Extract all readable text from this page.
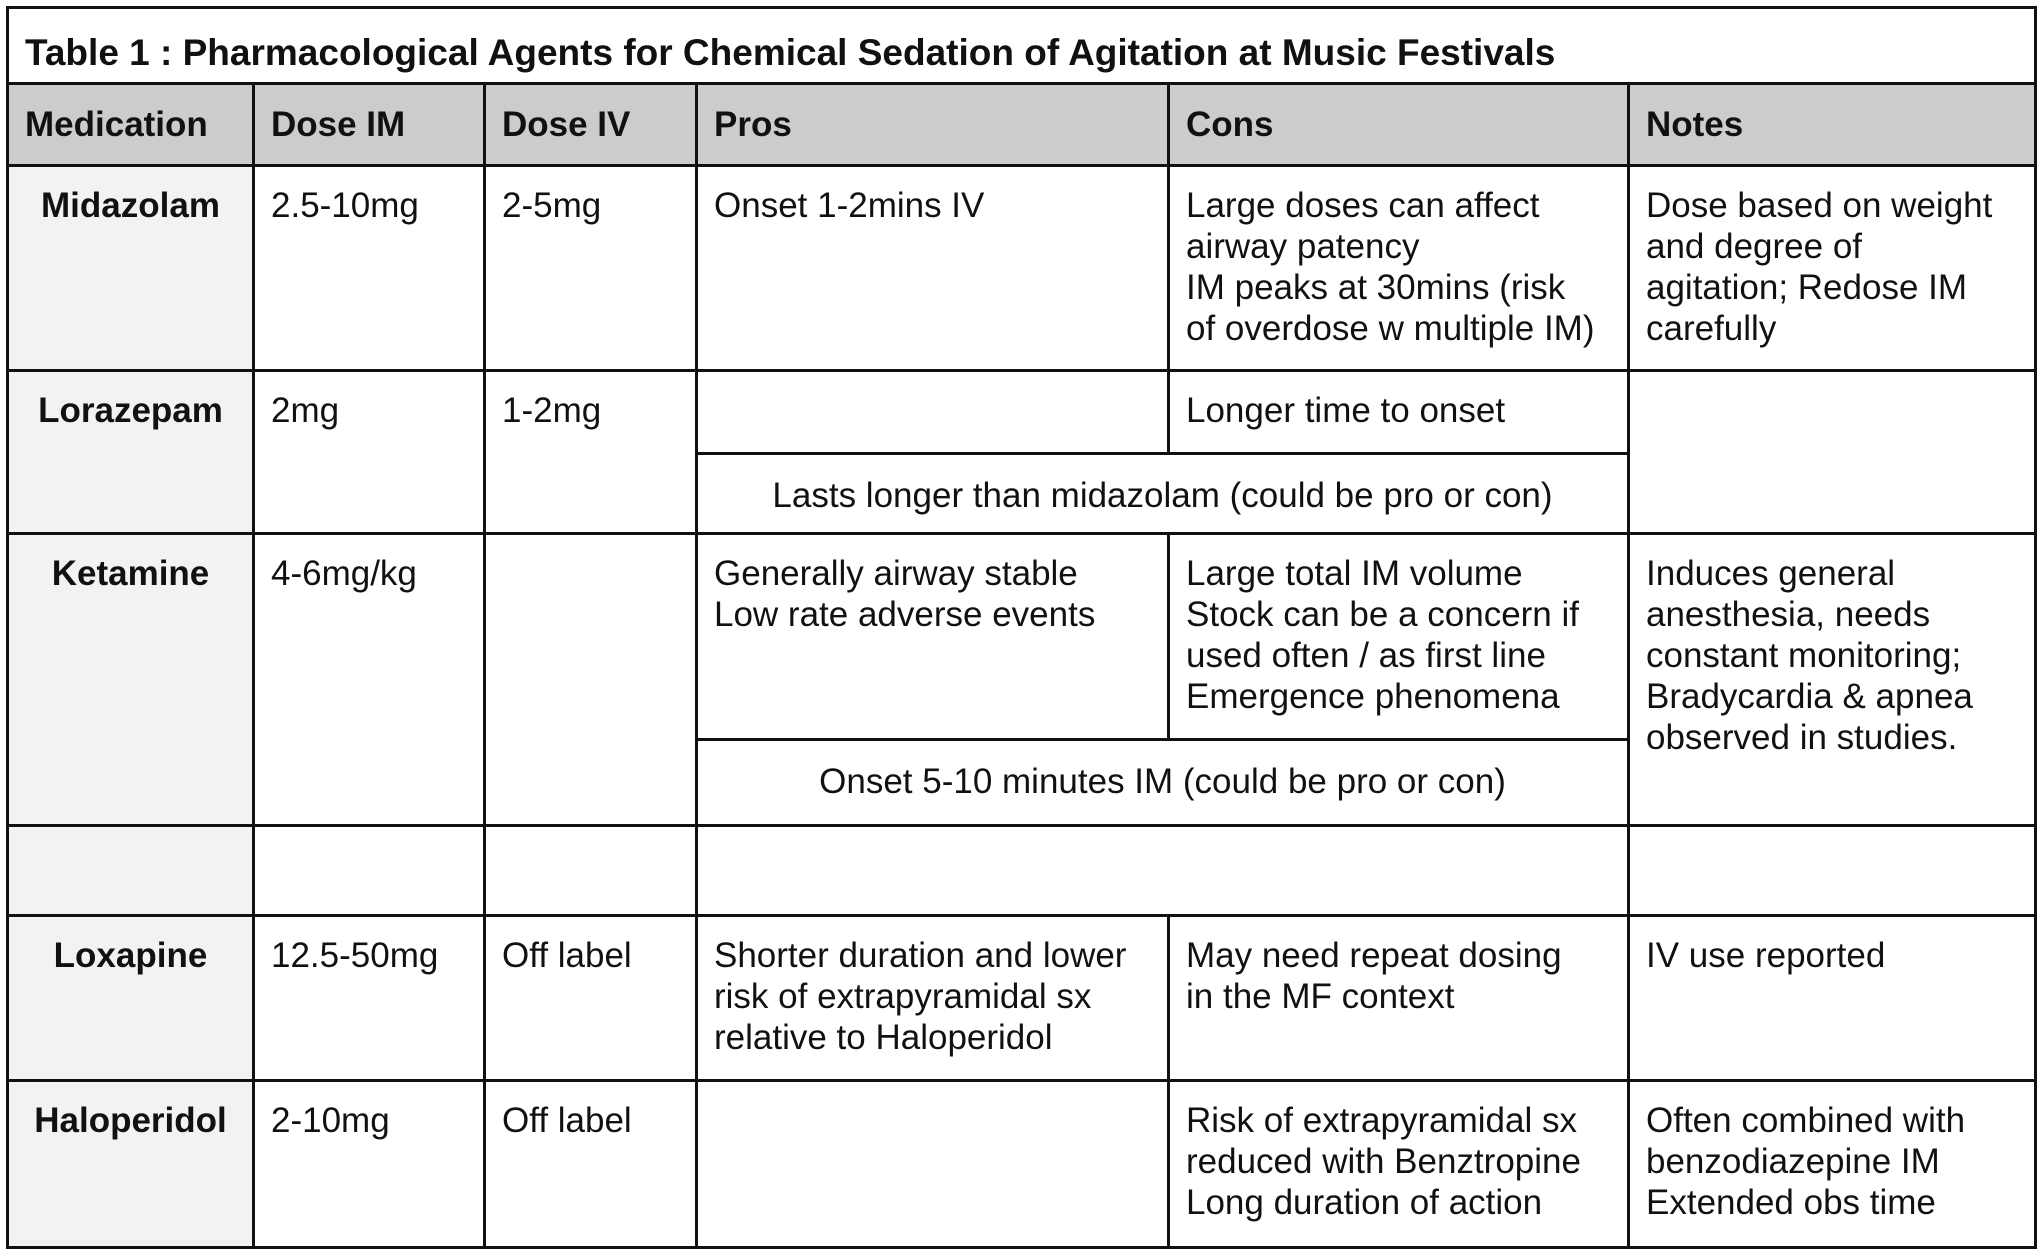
Table 1 : Pharmacological Agents for Chemical Sedation of Agitation at Music Festivals					
Medication	Dose IM	Dose IV	Pros	Cons	Notes
Midazolam	2.5-10mg	2-5mg	Onset 1-2mins IV	Large doses can affect
airway patency
IM peaks at 30mins (risk
of overdose w multiple IM)	Dose based on weight
and degree of
agitation; Redose IM
carefully

Lorazepam	2mg	1-2mg		Longer time to onset	
			Lasts longer than midazolam (could be pro or con)		
Ketamine	4-6mg/kg		Generally airway stable
Low rate adverse events	Large total IM volume
Stock can be a concern if
used often / as first line
Emergence phenomena	Induces general
anesthesia, needs
constant monitoring;
Bradycardia & apnea
observed in studies.

			Onset 5-10 minutes IM (could be pro or con)		

Loxapine	12.5-50mg	Off label	Shorter duration and lower
risk of extrapyramidal sx
relative to Haloperidol	May need repeat dosing
in the MF context	IV use reported
Haloperidol	2-10mg	Off label		Risk of extrapyramidal sx
reduced with Benztropine
Long duration of action	Often combined with
benzodiazepine IM
Extended obs time
